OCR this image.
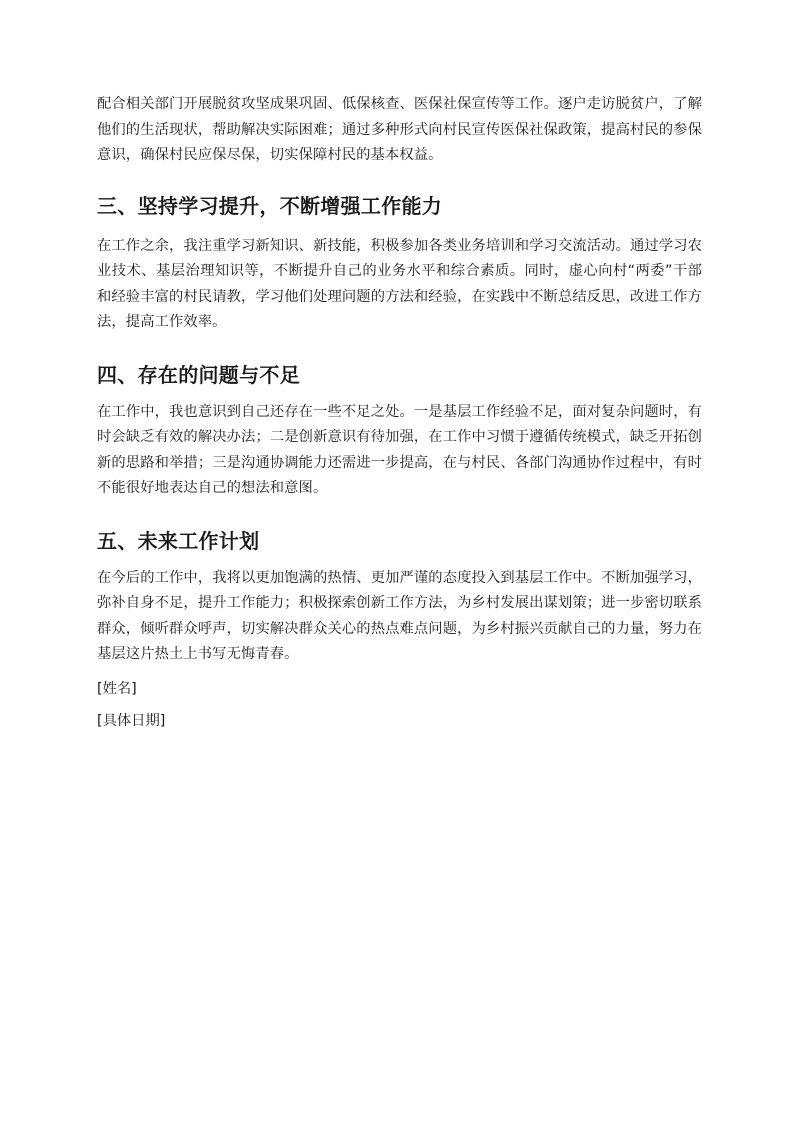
配合相关部门开展脱贫攻坚成果巩固、低保核查、医保社保宣传等工作。逐户走访脱贫户，了解他们的生活现状，帮助解决实际困难；通过多种形式向村民宣传医保社保政策，提高村民的参保意识，确保村民应保尽保，切实保障村民的基本权益。

三、坚持学习提升，不断增强工作能力

在工作之余，我注重学习新知识、新技能，积极参加各类业务培训和学习交流活动。通过学习农业技术、基层治理知识等，不断提升自己的业务水平和综合素质。同时，虚心向村“两委”干部和经验丰富的村民请教，学习他们处理问题的方法和经验，在实践中不断总结反思，改进工作方法，提高工作效率。

四、存在的问题与不足

在工作中，我也意识到自己还存在一些不足之处。一是基层工作经验不足，面对复杂问题时，有时会缺乏有效的解决办法；二是创新意识有待加强，在工作中习惯于遵循传统模式，缺乏开拓创新的思路和举措；三是沟通协调能力还需进一步提高，在与村民、各部门沟通协作过程中，有时不能很好地表达自己的想法和意图。

五、未来工作计划

在今后的工作中，我将以更加饱满的热情、更加严谨的态度投入到基层工作中。不断加强学习，弥补自身不足，提升工作能力；积极探索创新工作方法，为乡村发展出谋划策；进一步密切联系群众，倾听群众呼声，切实解决群众关心的热点难点问题，为乡村振兴贡献自己的力量，努力在基层这片热土上书写无悔青春。

[姓名]

[具体日期]
